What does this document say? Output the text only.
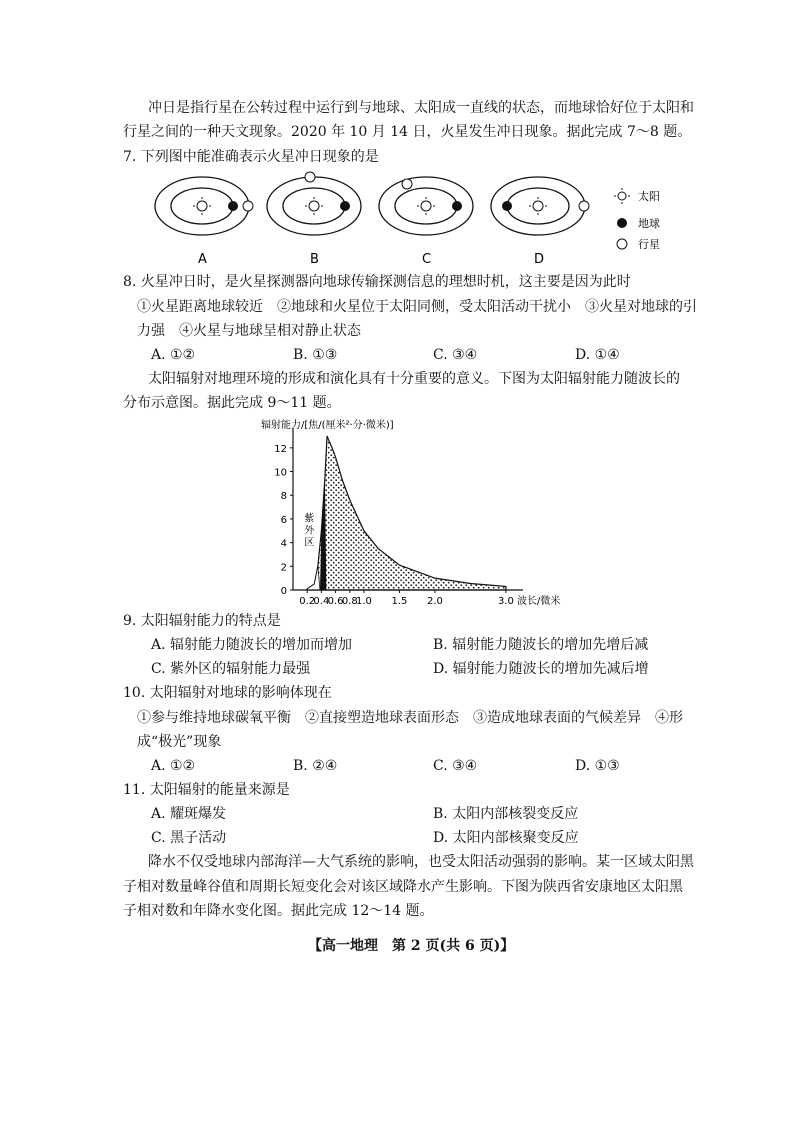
冲日是指行星在公转过程中运行到与地球、太阳成一直线的状态，而地球恰好位于太阳和
行星之间的一种天文现象。2020 年 10 月 14 日，火星发生冲日现象。据此完成 7～8 题。
7. 下列图中能准确表示火星冲日现象的是
A	B	C	D
太阳
地球
行星
8. 火星冲日时，是火星探测器向地球传输探测信息的理想时机，这主要是因为此时
①火星距离地球较近　②地球和火星位于太阳同侧，受太阳活动干扰小　③火星对地球的引
力强　④火星与地球呈相对静止状态
A. ①②	B. ①③	C. ③④	D. ①④
太阳辐射对地理环境的形成和演化具有十分重要的意义。下图为太阳辐射能力随波长的
分布示意图。据此完成 9～11 题。
辐射能力/[焦/(厘米²·分·微米)]
0
2
4
6
8
10
12
0.2
0.4
0.6
0.8
1.0 1.5 2.0	3.0
紫
外
区
波长/微米
9. 太阳辐射能力的特点是
A. 辐射能力随波长的增加而增加	B. 辐射能力随波长的增加先增后减
C. 紫外区的辐射能力最强	D. 辐射能力随波长的增加先减后增
10. 太阳辐射对地球的影响体现在
①参与维持地球碳氧平衡　②直接塑造地球表面形态　③造成地球表面的气候差异　④形
成“极光”现象
A. ①②	B. ②④	C. ③④	D. ①③
11. 太阳辐射的能量来源是
A. 耀斑爆发	B. 太阳内部核裂变反应
C. 黑子活动	D. 太阳内部核聚变反应
降水不仅受地球内部海洋—大气系统的影响，也受太阳活动强弱的影响。某一区域太阳黑
子相对数量峰谷值和周期长短变化会对该区域降水产生影响。下图为陕西省安康地区太阳黑
子相对数和年降水变化图。据此完成 12～14 题。
【高一地理　第 2 页(共 6 页)】
